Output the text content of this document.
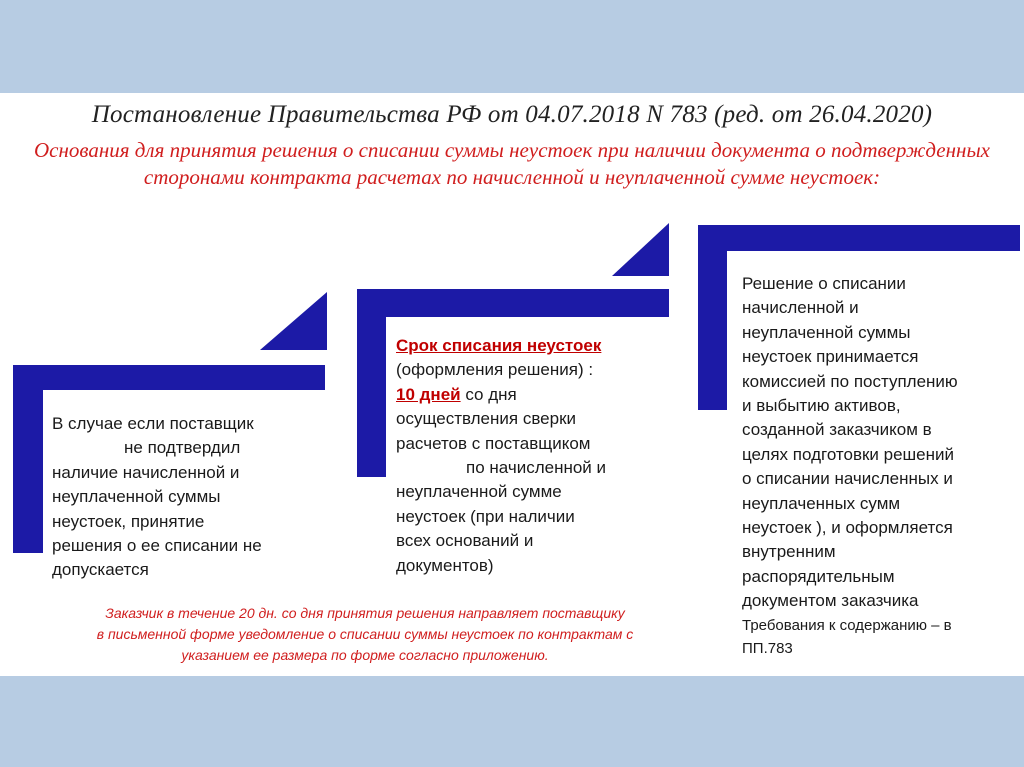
Постановление Правительства РФ от 04.07.2018 N 783 (ред. от 26.04.2020)
Основания для принятия решения о списании суммы неустоек при наличии документа о подтвержденных сторонами контракта расчетах по начисленной и неуплаченной сумме неустоек:
В случае если поставщик
не подтвердил
наличие начисленной и
неуплаченной суммы
неустоек, принятие
решения о ее списании не
допускается
Срок списания неустоек
(оформления решения) :
10 дней со дня
осуществления сверки
расчетов с поставщиком
по начисленной и
неуплаченной сумме
неустоек (при наличии
всех оснований и
документов)
Решение о списании
начисленной и
неуплаченной суммы
неустоек принимается
комиссией по поступлению
и выбытию активов,
созданной заказчиком в
целях подготовки решений
о списании начисленных и
неуплаченных сумм
неустоек ), и оформляется
внутренним
распорядительным
документом заказчика
Требования к содержанию – в
ПП.783
Заказчик в течение 20 дн. со дня принятия решения направляет поставщику
в письменной форме уведомление о списании суммы неустоек по контрактам с
указанием ее размера по форме согласно приложению.
